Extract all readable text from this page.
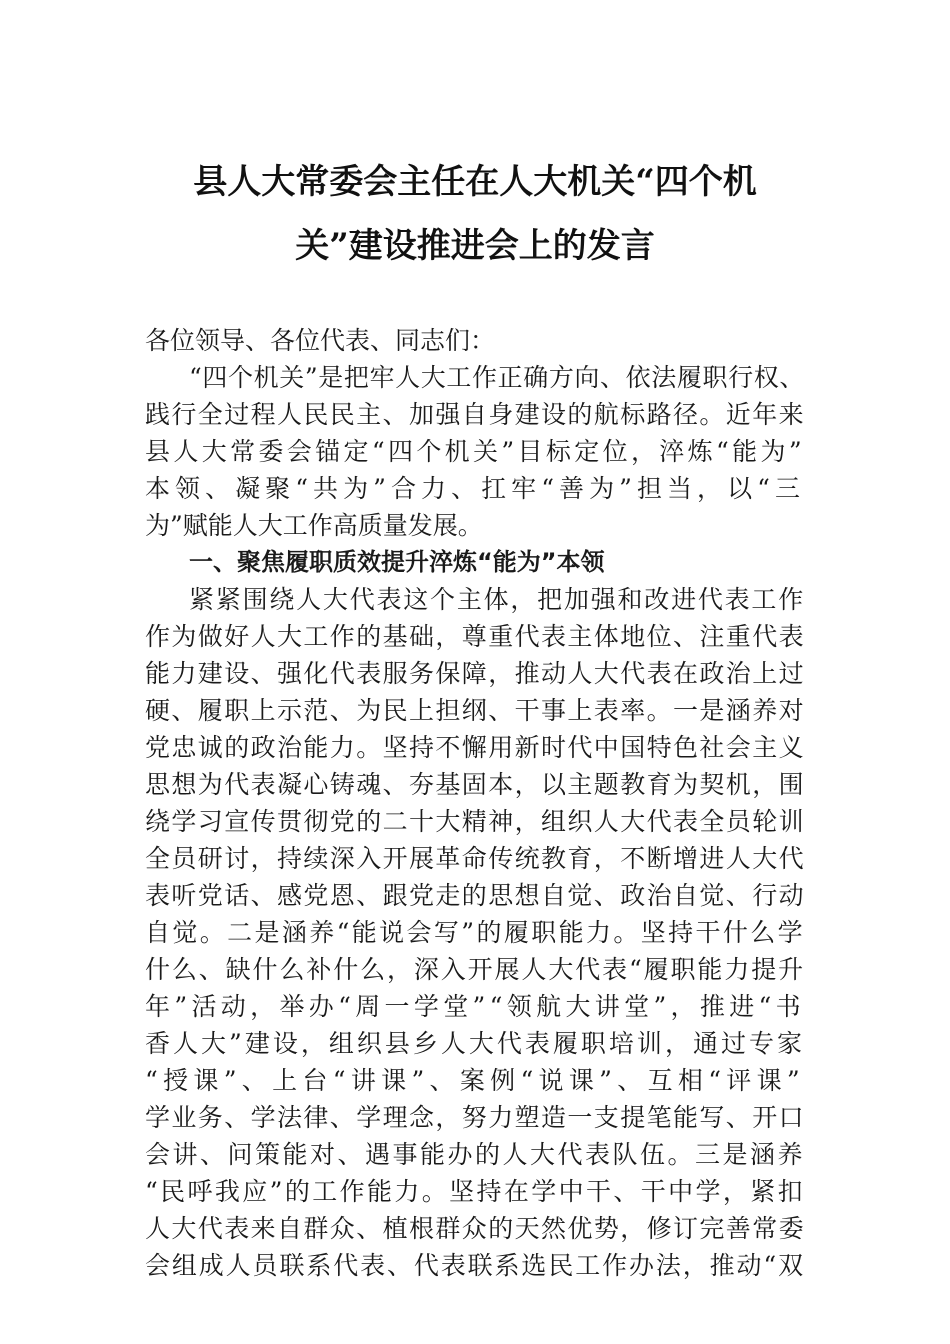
县人大常委会主任在人大机关“四个机
关”建设推进会上的发言
各位领导、各位代表、同志们：
“四个机关”是把牢人大工作正确方向、依法履职行权、
践行全过程人民民主、加强自身建设的航标路径。近年来
县人大常委会锚定“四个机关”目标定位，淬炼“能为”
本领、凝聚“共为”合力、扛牢“善为”担当，以“三
为”赋能人大工作高质量发展。
一、聚焦履职质效提升淬炼“能为”本领
紧紧围绕人大代表这个主体，把加强和改进代表工作
作为做好人大工作的基础，尊重代表主体地位、注重代表
能力建设、强化代表服务保障，推动人大代表在政治上过
硬、履职上示范、为民上担纲、干事上表率。一是涵养对
党忠诚的政治能力。坚持不懈用新时代中国特色社会主义
思想为代表凝心铸魂、夯基固本，以主题教育为契机，围
绕学习宣传贯彻党的二十大精神，组织人大代表全员轮训
全员研讨，持续深入开展革命传统教育，不断增进人大代
表听党话、感党恩、跟党走的思想自觉、政治自觉、行动
自觉。二是涵养“能说会写”的履职能力。坚持干什么学
什么、缺什么补什么，深入开展人大代表“履职能力提升
年”活动，举办“周一学堂”“领航大讲堂”，推进“书
香人大”建设，组织县乡人大代表履职培训，通过专家
“授课”、上台“讲课”、案例“说课”、互相“评课”
学业务、学法律、学理念，努力塑造一支提笔能写、开口
会讲、问策能对、遇事能办的人大代表队伍。三是涵养
“民呼我应”的工作能力。坚持在学中干、干中学，紧扣
人大代表来自群众、植根群众的天然优势，修订完善常委
会组成人员联系代表、代表联系选民工作办法，推动“双
